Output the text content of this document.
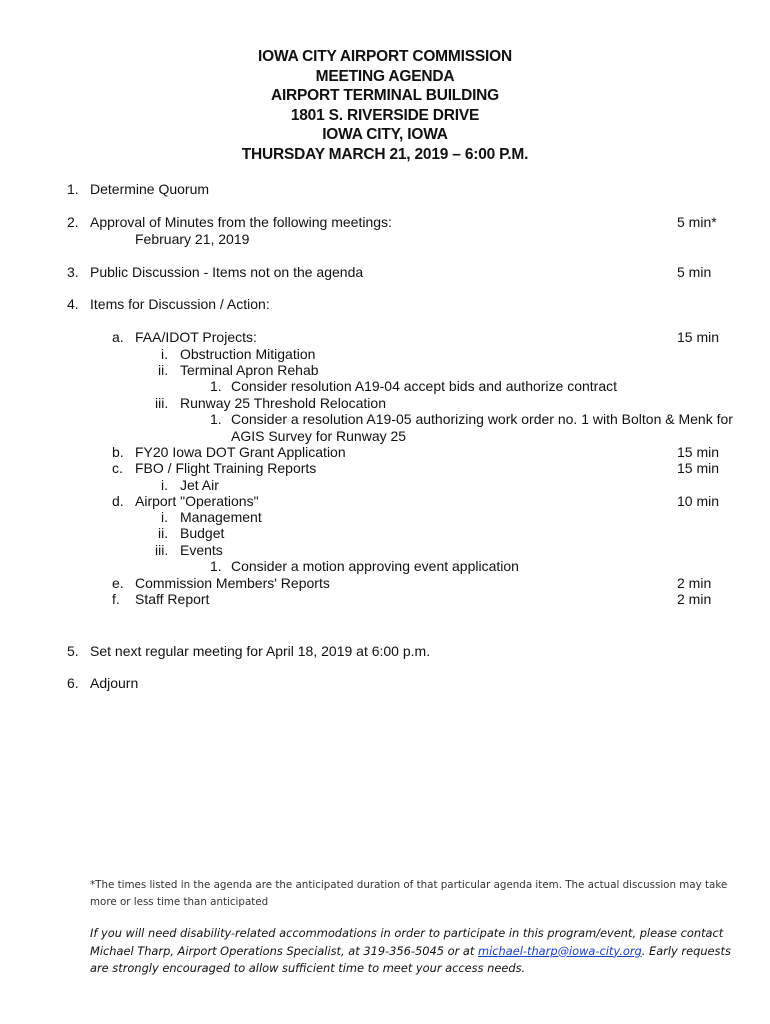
IOWA CITY AIRPORT COMMISSION
MEETING AGENDA
AIRPORT TERMINAL BUILDING
1801 S. RIVERSIDE DRIVE
IOWA CITY, IOWA
THURSDAY MARCH 21, 2019 – 6:00 P.M.
1. Determine Quorum
2. Approval of Minutes from the following meetings:	5 min*
February 21, 2019
3. Public Discussion - Items not on the agenda	5 min
4. Items for Discussion / Action:
a. FAA/IDOT Projects:	15 min
i. Obstruction Mitigation
ii. Terminal Apron Rehab
1. Consider resolution A19-04 accept bids and authorize contract
iii. Runway 25 Threshold Relocation
1. Consider a resolution A19-05 authorizing work order no. 1 with Bolton & Menk for
AGIS Survey for Runway 25
b. FY20 Iowa DOT Grant Application	15 min
c. FBO / Flight Training Reports	15 min
i. Jet Air
d. Airport "Operations"	10 min
i. Management
ii. Budget
iii. Events
1. Consider a motion approving event application
e. Commission Members' Reports	2 min
f. Staff Report	2 min
5. Set next regular meeting for April 18, 2019 at 6:00 p.m.
6. Adjourn
*The times listed in the agenda are the anticipated duration of that particular agenda item. The actual discussion may take
more or less time than anticipated
If you will need disability-related accommodations in order to participate in this program/event, please contact
Michael Tharp, Airport Operations Specialist, at 319-356-5045 or at michael-tharp@iowa-city.org. Early requests
are strongly encouraged to allow sufficient time to meet your access needs.
